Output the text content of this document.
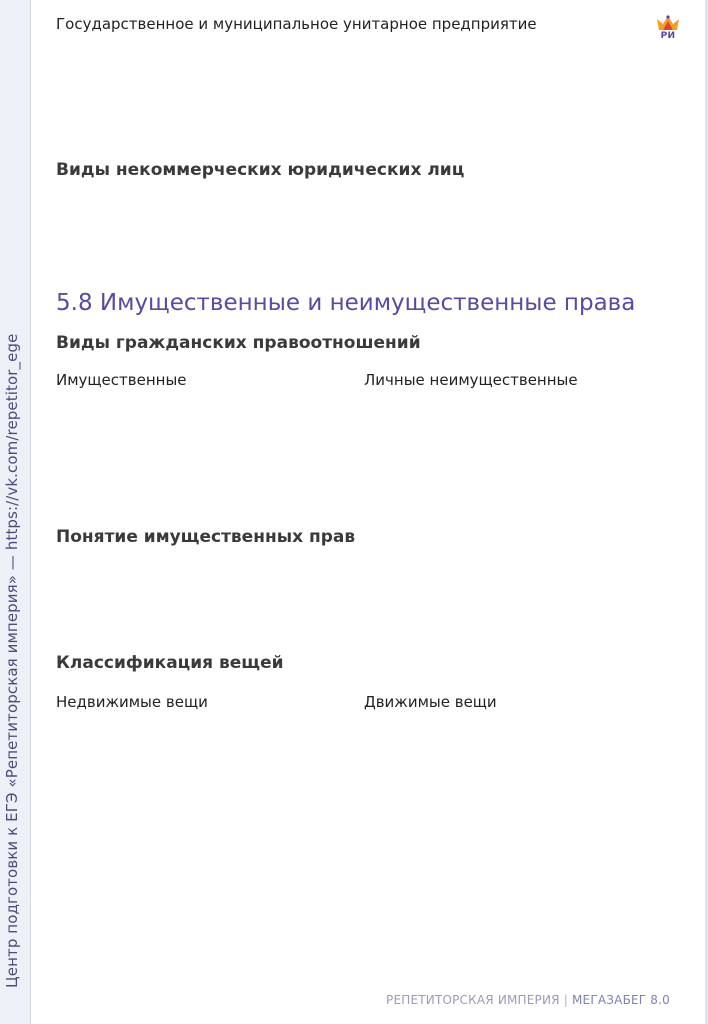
Центр подготовки к ЕГЭ «Репетиторская империя» — https://vk.com/repetitor_ege
Государственное и муниципальное унитарное предприятие
РИ
Виды некоммерческих юридических лиц
5.8 Имущественные и неимущественные права
Виды гражданских правоотношений
Имущественные	Личные неимущественные
Понятие имущественных прав
Классификация вещей
Недвижимые вещи	Движимые вещи
РЕПЕТИТОРСКАЯ ИМПЕРИЯ | МЕГАЗАБЕГ 8.0
